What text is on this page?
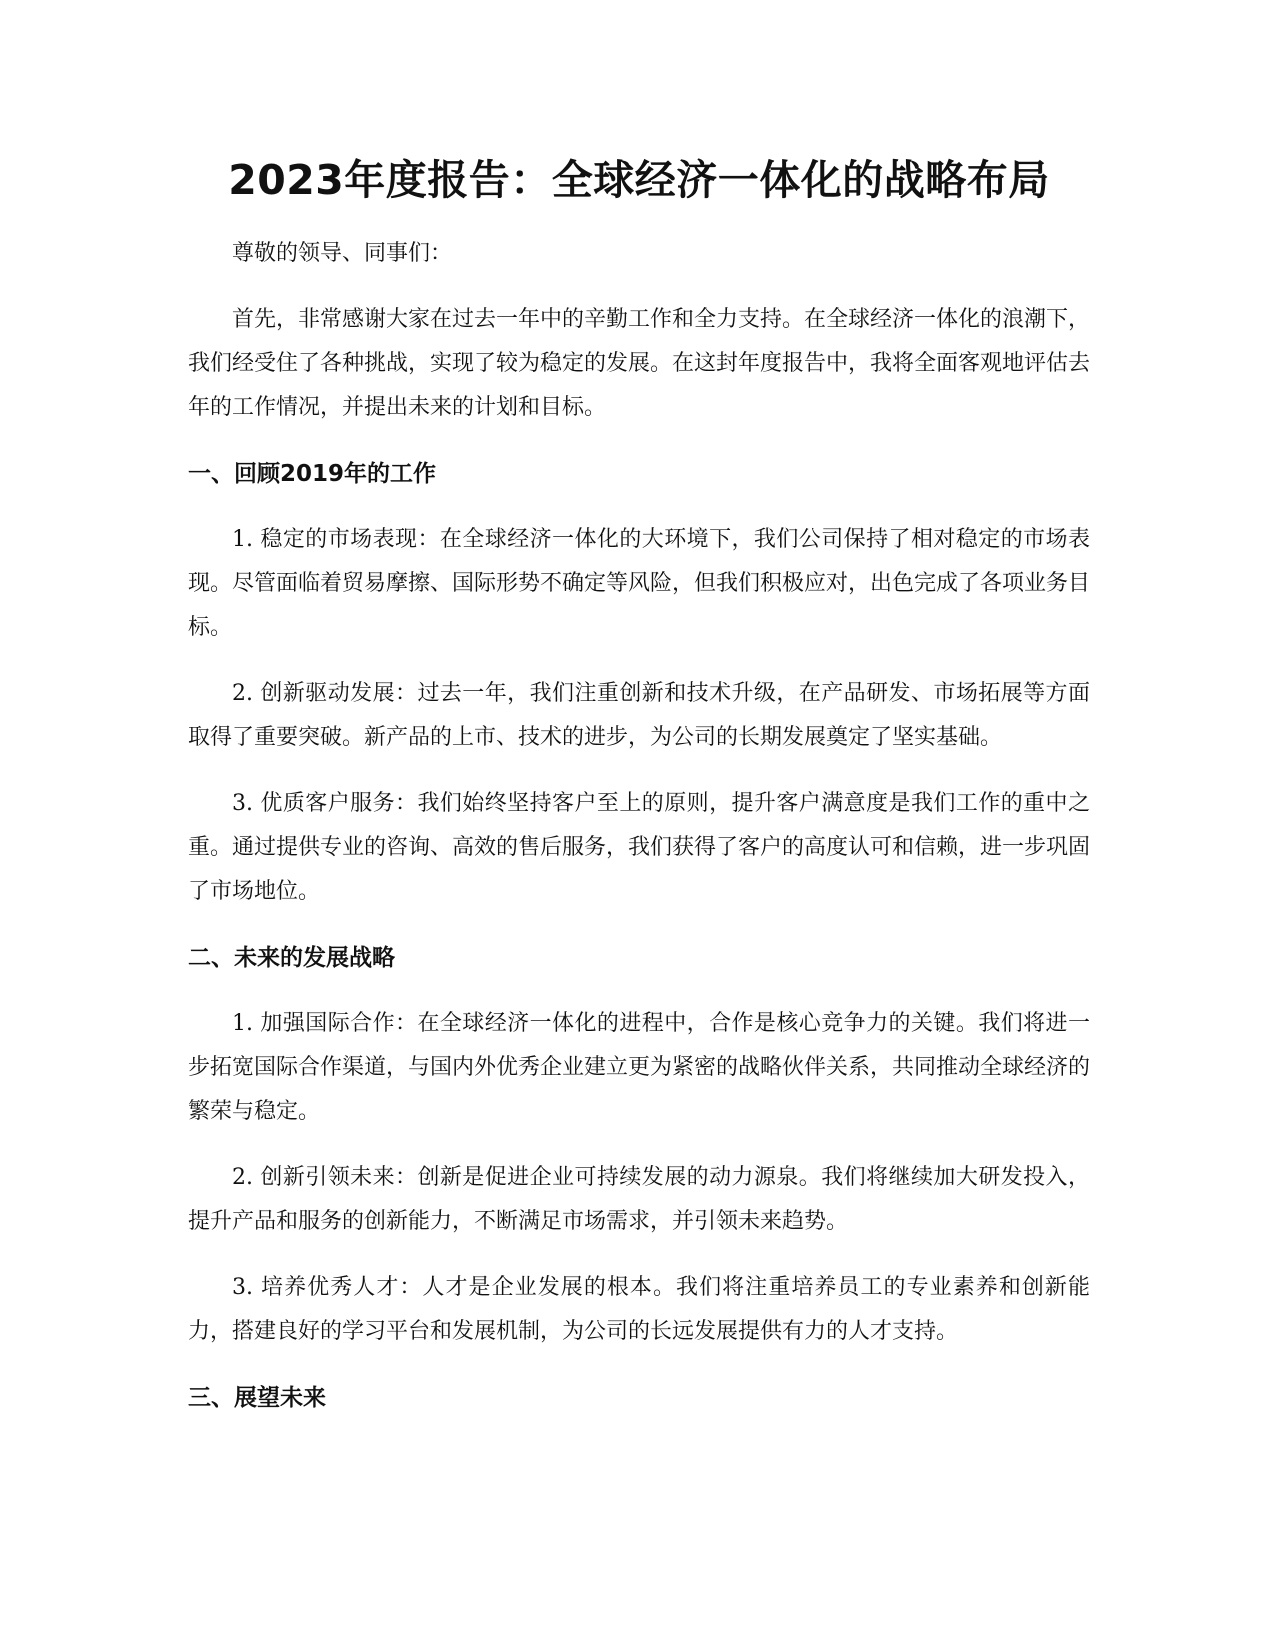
2023年度报告：全球经济一体化的战略布局

尊敬的领导、同事们：

首先，非常感谢大家在过去一年中的辛勤工作和全力支持。在全球经济一体化的浪潮下，我们经受住了各种挑战，实现了较为稳定的发展。在这封年度报告中，我将全面客观地评估去年的工作情况，并提出未来的计划和目标。

一、回顾2019年的工作

1. 稳定的市场表现：在全球经济一体化的大环境下，我们公司保持了相对稳定的市场表现。尽管面临着贸易摩擦、国际形势不确定等风险，但我们积极应对，出色完成了各项业务目标。

2. 创新驱动发展：过去一年，我们注重创新和技术升级，在产品研发、市场拓展等方面取得了重要突破。新产品的上市、技术的进步，为公司的长期发展奠定了坚实基础。

3. 优质客户服务：我们始终坚持客户至上的原则，提升客户满意度是我们工作的重中之重。通过提供专业的咨询、高效的售后服务，我们获得了客户的高度认可和信赖，进一步巩固了市场地位。

二、未来的发展战略

1. 加强国际合作：在全球经济一体化的进程中，合作是核心竞争力的关键。我们将进一步拓宽国际合作渠道，与国内外优秀企业建立更为紧密的战略伙伴关系，共同推动全球经济的繁荣与稳定。

2. 创新引领未来：创新是促进企业可持续发展的动力源泉。我们将继续加大研发投入，提升产品和服务的创新能力，不断满足市场需求，并引领未来趋势。

3. 培养优秀人才：人才是企业发展的根本。我们将注重培养员工的专业素养和创新能力，搭建良好的学习平台和发展机制，为公司的长远发展提供有力的人才支持。

三、展望未来
